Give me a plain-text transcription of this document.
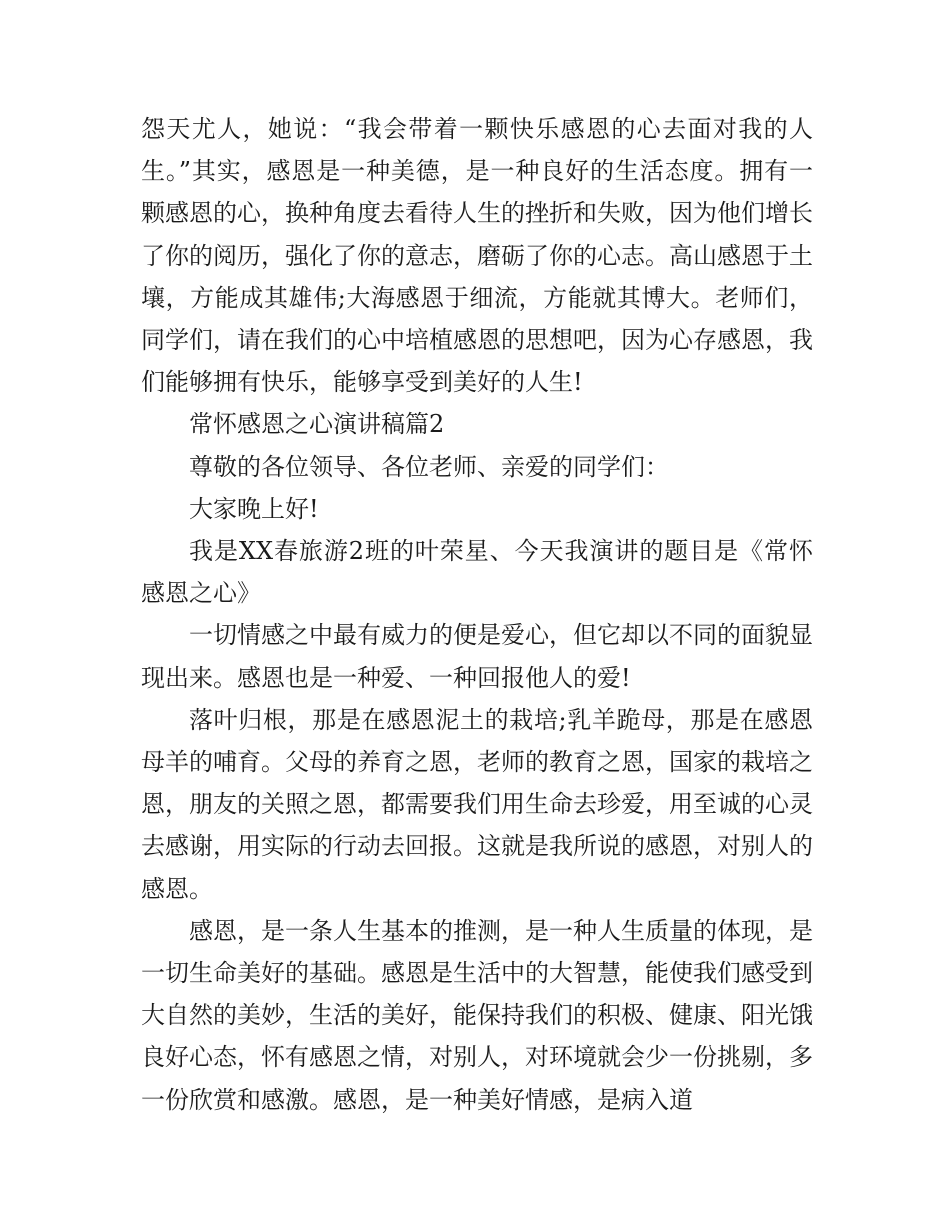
怨天尤人，她说：“我会带着一颗快乐感恩的心去面对我的人生。”其实，感恩是一种美德，是一种良好的生活态度。拥有一颗感恩的心，换种角度去看待人生的挫折和失败，因为他们增长了你的阅历，强化了你的意志，磨砺了你的心志。高山感恩于土壤，方能成其雄伟;大海感恩于细流，方能就其博大。老师们，同学们，请在我们的心中培植感恩的思想吧，因为心存感恩，我们能够拥有快乐，能够享受到美好的人生!

常怀感恩之心演讲稿篇2

尊敬的各位领导、各位老师、亲爱的同学们：

大家晚上好!

我是XX春旅游2班的叶荣星、今天我演讲的题目是《常怀感恩之心》

一切情感之中最有威力的便是爱心，但它却以不同的面貌显现出来。感恩也是一种爱、一种回报他人的爱!

落叶归根，那是在感恩泥土的栽培;乳羊跪母，那是在感恩母羊的哺育。父母的养育之恩，老师的教育之恩，国家的栽培之恩，朋友的关照之恩，都需要我们用生命去珍爱，用至诚的心灵去感谢，用实际的行动去回报。这就是我所说的感恩，对别人的感恩。

感恩，是一条人生基本的推测，是一种人生质量的体现，是一切生命美好的基础。感恩是生活中的大智慧，能使我们感受到大自然的美妙，生活的美好，能保持我们的积极、健康、阳光饿良好心态，怀有感恩之情，对别人，对环境就会少一份挑剔，多一份欣赏和感激。感恩，是一种美好情感，是病入道
